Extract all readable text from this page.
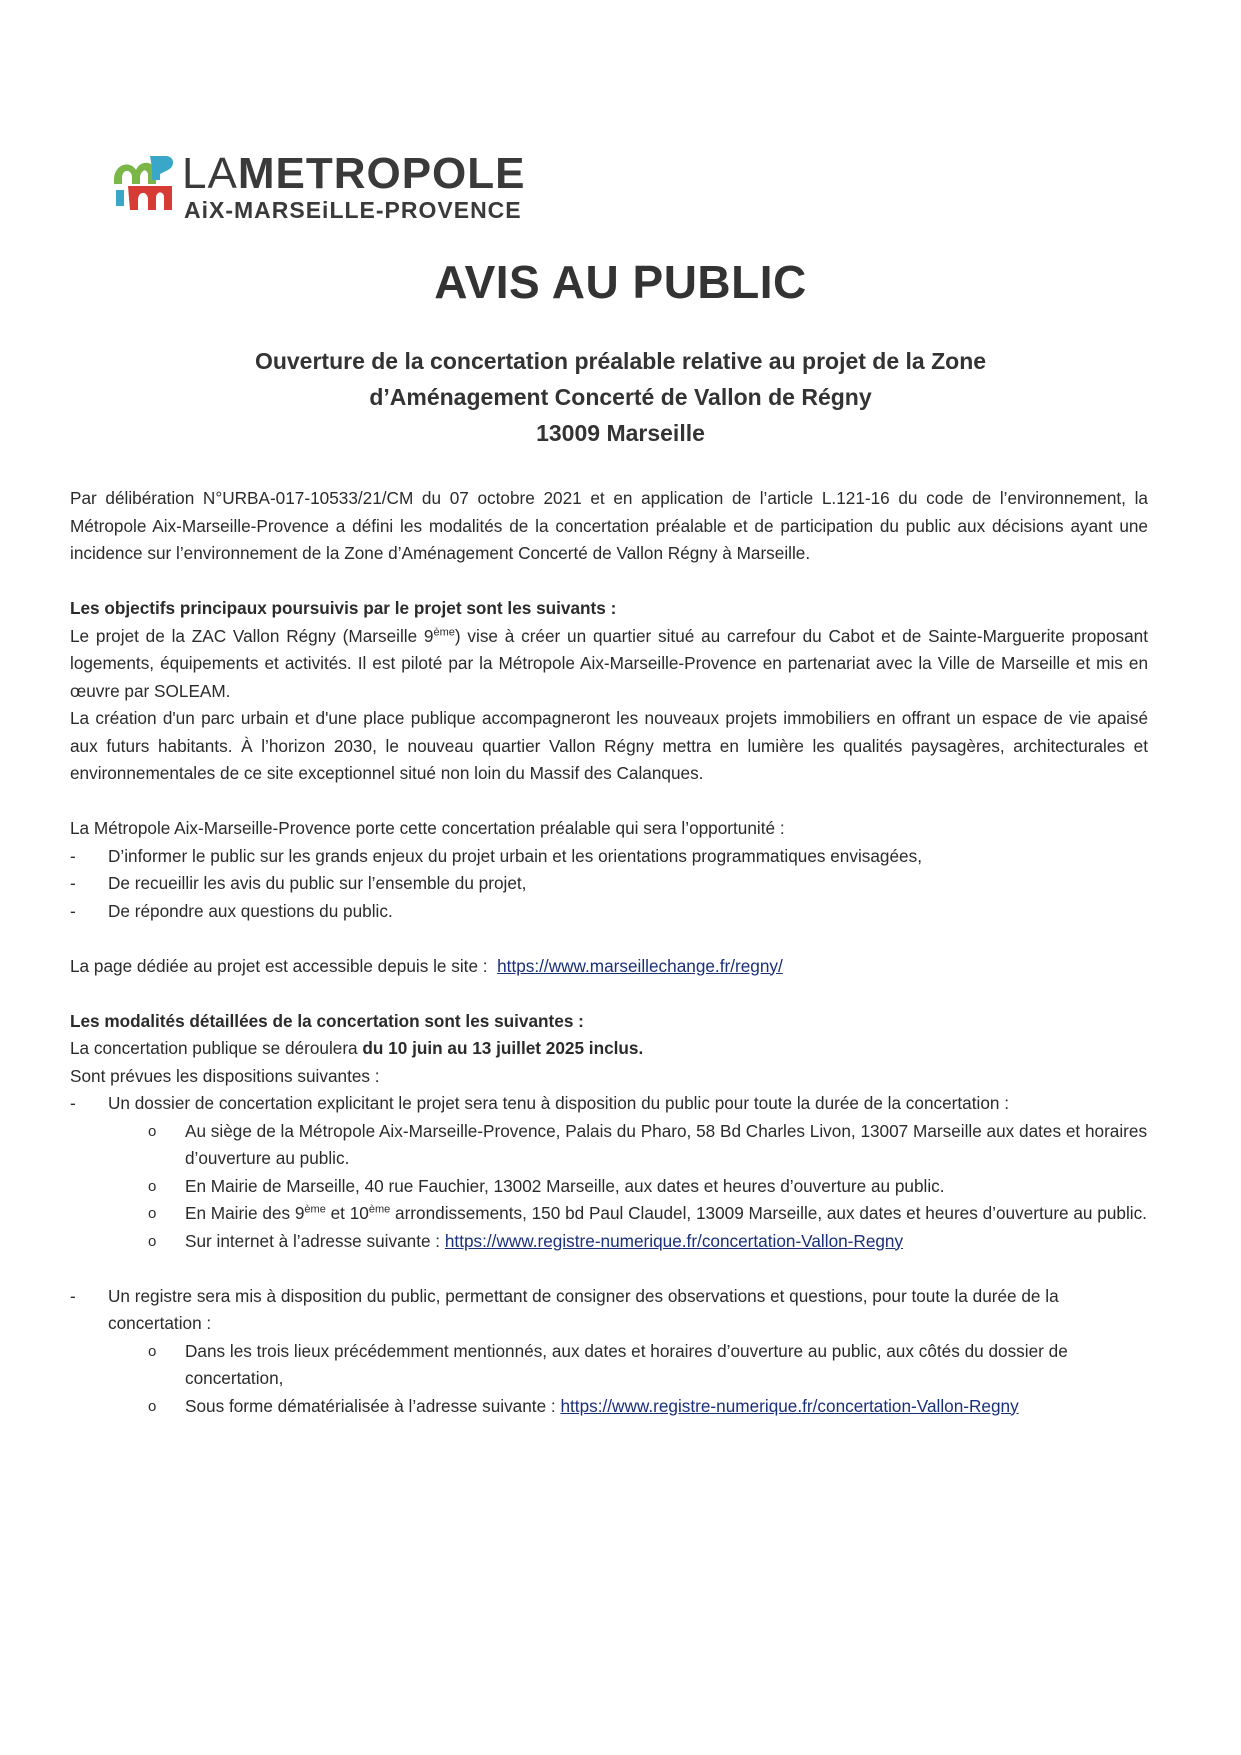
LAMETROPOLE
AiX-MARSEiLLE-PROVENCE
AVIS AU PUBLIC
Ouverture de la concertation préalable relative au projet de la Zone
d’Aménagement Concerté de Vallon de Régny
13009 Marseille

Par délibération N°URBA-017-10533/21/CM du 07 octobre 2021 et en application de l’article L.121-16 du code de l’environnement, la Métropole Aix-Marseille-Provence a défini les modalités de la concertation préalable et de participation du public aux décisions ayant une incidence sur l’environnement de la Zone d’Aménagement Concerté de Vallon Régny à Marseille.

Les objectifs principaux poursuivis par le projet sont les suivants :

Le projet de la ZAC Vallon Régny (Marseille 9ème) vise à créer un quartier situé au carrefour du Cabot et de Sainte-Marguerite proposant logements, équipements et activités. Il est piloté par la Métropole Aix-Marseille-Provence en partenariat avec la Ville de Marseille et mis en œuvre par SOLEAM.

La création d'un parc urbain et d'une place publique accompagneront les nouveaux projets immobiliers en offrant un espace de vie apaisé aux futurs habitants. À l’horizon 2030, le nouveau quartier Vallon Régny mettra en lumière les qualités paysagères, architecturales et environnementales de ce site exceptionnel situé non loin du Massif des Calanques.

La Métropole Aix-Marseille-Provence porte cette concertation préalable qui sera l’opportunité :

- D’informer le public sur les grands enjeux du projet urbain et les orientations programmatiques envisagées,
- De recueillir les avis du public sur l’ensemble du projet,
- De répondre aux questions du public.

La page dédiée au projet est accessible depuis le site : https://www.marseillechange.fr/regny/

Les modalités détaillées de la concertation sont les suivantes :

La concertation publique se déroulera du 10 juin au 13 juillet 2025 inclus.

Sont prévues les dispositions suivantes :

- Un dossier de concertation explicitant le projet sera tenu à disposition du public pour toute la durée de la concertation :
o Au siège de la Métropole Aix-Marseille-Provence, Palais du Pharo, 58 Bd Charles Livon, 13007 Marseille aux dates et horaires d’ouverture au public.
o En Mairie de Marseille, 40 rue Fauchier, 13002 Marseille, aux dates et heures d’ouverture au public.
o En Mairie des 9ème et 10ème arrondissements, 150 bd Paul Claudel, 13009 Marseille, aux dates et heures d’ouverture au public.
o Sur internet à l’adresse suivante : https://www.registre-numerique.fr/concertation-Vallon-Regny
- Un registre sera mis à disposition du public, permettant de consigner des observations et questions, pour toute la durée de la concertation :
o Dans les trois lieux précédemment mentionnés, aux dates et horaires d’ouverture au public, aux côtés du dossier de concertation,
o Sous forme dématérialisée à l’adresse suivante : https://www.registre-numerique.fr/concertation-Vallon-Regny
